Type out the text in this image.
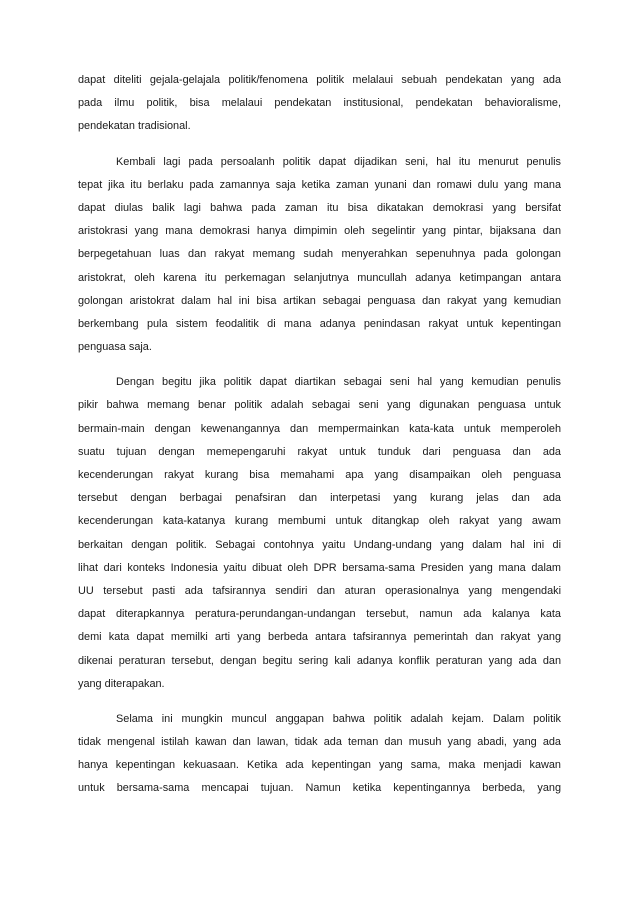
dapat diteliti gejala-gelajala politik/fenomena politik melalaui sebuah pendekatan yang ada
pada ilmu politik, bisa melalaui pendekatan institusional, pendekatan behavioralisme,
pendekatan tradisional.
Kembali lagi pada persoalanh politik dapat dijadikan seni, hal itu menurut penulis
tepat jika itu berlaku pada zamannya saja ketika zaman yunani dan romawi dulu yang mana
dapat diulas balik lagi bahwa pada zaman itu bisa dikatakan demokrasi yang bersifat
aristokrasi yang mana demokrasi hanya dimpimin oleh segelintir yang pintar, bijaksana dan
berpegetahuan luas dan rakyat memang sudah menyerahkan sepenuhnya pada golongan
aristokrat, oleh karena itu perkemagan selanjutnya muncullah adanya ketimpangan antara
golongan aristokrat dalam hal ini bisa artikan sebagai penguasa dan rakyat yang kemudian
berkembang pula sistem feodalitik di mana adanya penindasan rakyat untuk kepentingan
penguasa saja.
Dengan begitu jika politik dapat diartikan sebagai seni hal yang kemudian penulis
pikir bahwa memang benar politik adalah sebagai seni yang digunakan penguasa untuk
bermain-main dengan kewenangannya dan mempermainkan kata-kata untuk memperoleh
suatu tujuan dengan memepengaruhi rakyat untuk tunduk dari penguasa dan ada
kecenderungan rakyat kurang bisa memahami apa yang disampaikan oleh penguasa
tersebut dengan berbagai penafsiran dan interpetasi yang kurang jelas dan ada
kecenderungan kata-katanya kurang membumi untuk ditangkap oleh rakyat yang awam
berkaitan dengan politik. Sebagai contohnya yaitu Undang-undang yang dalam hal ini di
lihat dari konteks Indonesia yaitu dibuat oleh DPR bersama-sama Presiden yang mana dalam
UU tersebut pasti ada tafsirannya sendiri dan aturan operasionalnya yang mengendaki
dapat diterapkannya peratura-perundangan-undangan tersebut, namun ada kalanya kata
demi kata dapat memilki arti yang berbeda antara tafsirannya pemerintah dan rakyat yang
dikenai peraturan tersebut, dengan begitu sering kali adanya konflik peraturan yang ada dan
yang diterapakan.
Selama ini mungkin muncul anggapan bahwa politik adalah kejam. Dalam politik
tidak mengenal istilah kawan dan lawan, tidak ada teman dan musuh yang abadi, yang ada
hanya kepentingan kekuasaan. Ketika ada kepentingan yang sama, maka menjadi kawan
untuk bersama-sama mencapai tujuan. Namun ketika kepentingannya berbeda, yang
